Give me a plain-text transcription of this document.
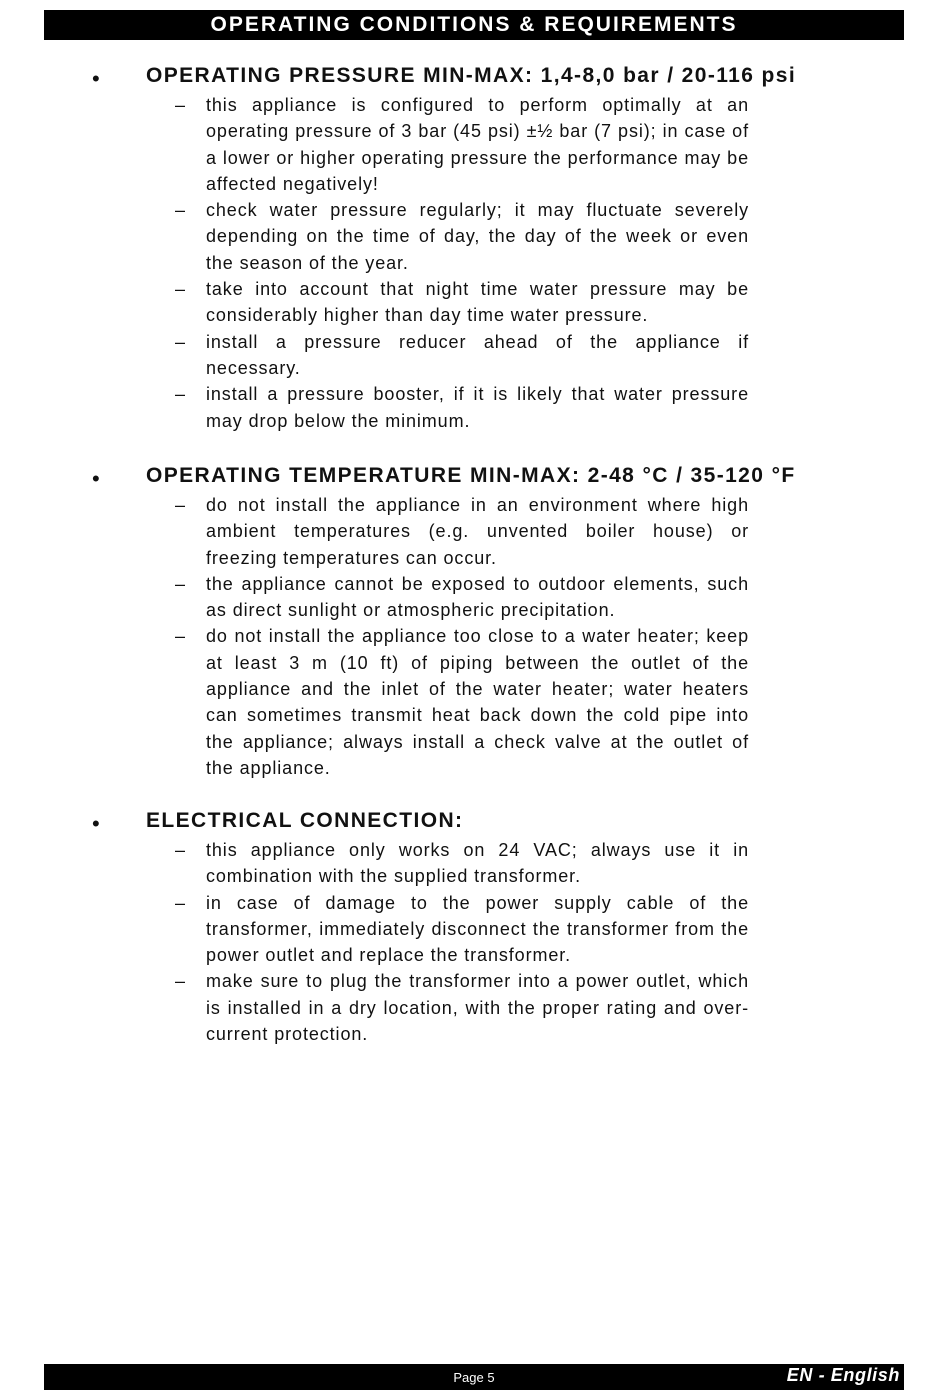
OPERATING CONDITIONS & REQUIREMENTS
• OPERATING PRESSURE MIN-MAX: 1,4-8,0 bar / 20-116 psi
– this appliance is configured to perform optimally at an operating pressure of 3 bar (45 psi) ±½ bar (7 psi); in case of a lower or higher operating pressure the performance may be affected negatively!
– check water pressure regularly; it may fluctuate severely depending on the time of day, the day of the week or even the season of the year.
– take into account that night time water pressure may be considerably higher than day time water pressure.
– install a pressure reducer ahead of the appliance if necessary.
– install a pressure booster, if it is likely that water pressure may drop below the minimum.
• OPERATING TEMPERATURE MIN-MAX: 2-48 °C / 35-120 °F
– do not install the appliance in an environment where high ambient temperatures (e.g. unvented boiler house) or freezing temperatures can occur.
– the appliance cannot be exposed to outdoor elements, such as direct sunlight or atmospheric precipitation.
– do not install the appliance too close to a water heater; keep at least 3 m (10 ft) of piping between the outlet of the appliance and the inlet of the water heater; water heaters can sometimes transmit heat back down the cold pipe into the appliance; always install a check valve at the outlet of the appliance.
• ELECTRICAL CONNECTION:
– this appliance only works on 24 VAC; always use it in combination with the supplied transformer.
– in case of damage to the power supply cable of the transformer, immediately disconnect the transformer from the power outlet and replace the transformer.
– make sure to plug the transformer into a power outlet, which is installed in a dry location, with the proper rating and over-current protection.
Page 5	EN - English
